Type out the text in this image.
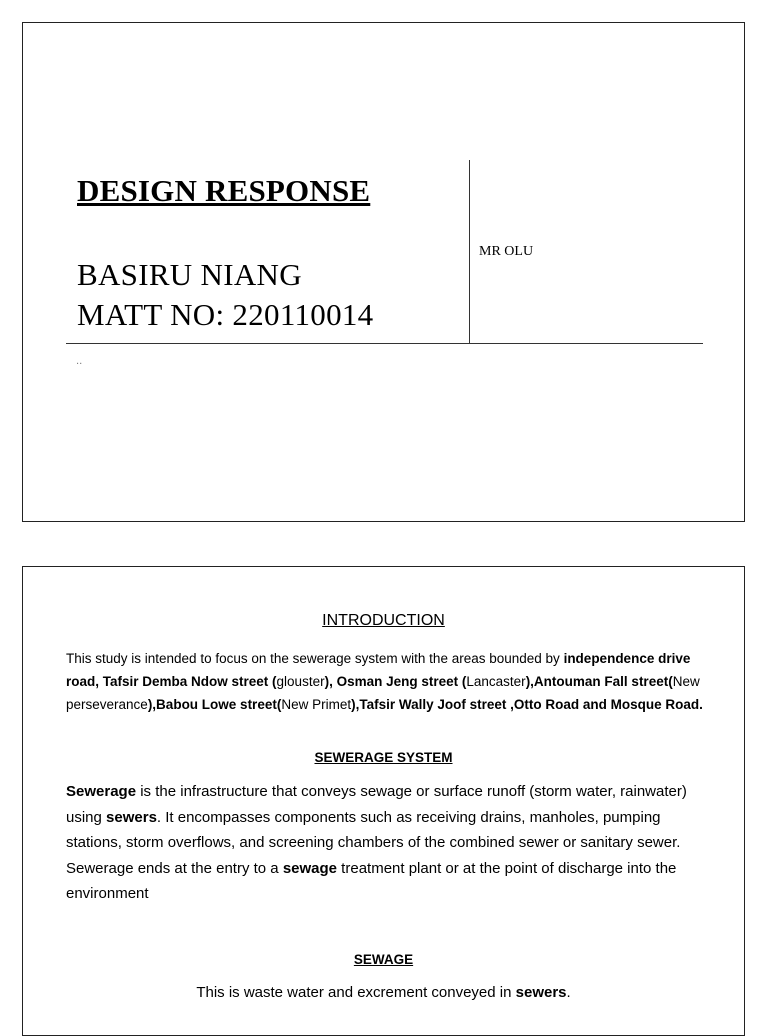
DESIGN RESPONSE
BASIRU NIANG
MATT NO: 220110014
MR OLU
..
INTRODUCTION
This study is intended to focus on the sewerage system with the areas bounded by independence drive road, Tafsir Demba Ndow street (glouster), Osman Jeng street (Lancaster),Antouman Fall street(New perseverance),Babou Lowe street(New Primet),Tafsir Wally Joof street ,Otto Road and Mosque Road.
SEWERAGE SYSTEM
Sewerage is the infrastructure that conveys sewage or surface runoff (storm water, rainwater) using sewers. It encompasses components such as receiving drains, manholes, pumping stations, storm overflows, and screening chambers of the combined sewer or sanitary sewer. Sewerage ends at the entry to a sewage treatment plant or at the point of discharge into the environment
SEWAGE
This is waste water and excrement conveyed in sewers.
